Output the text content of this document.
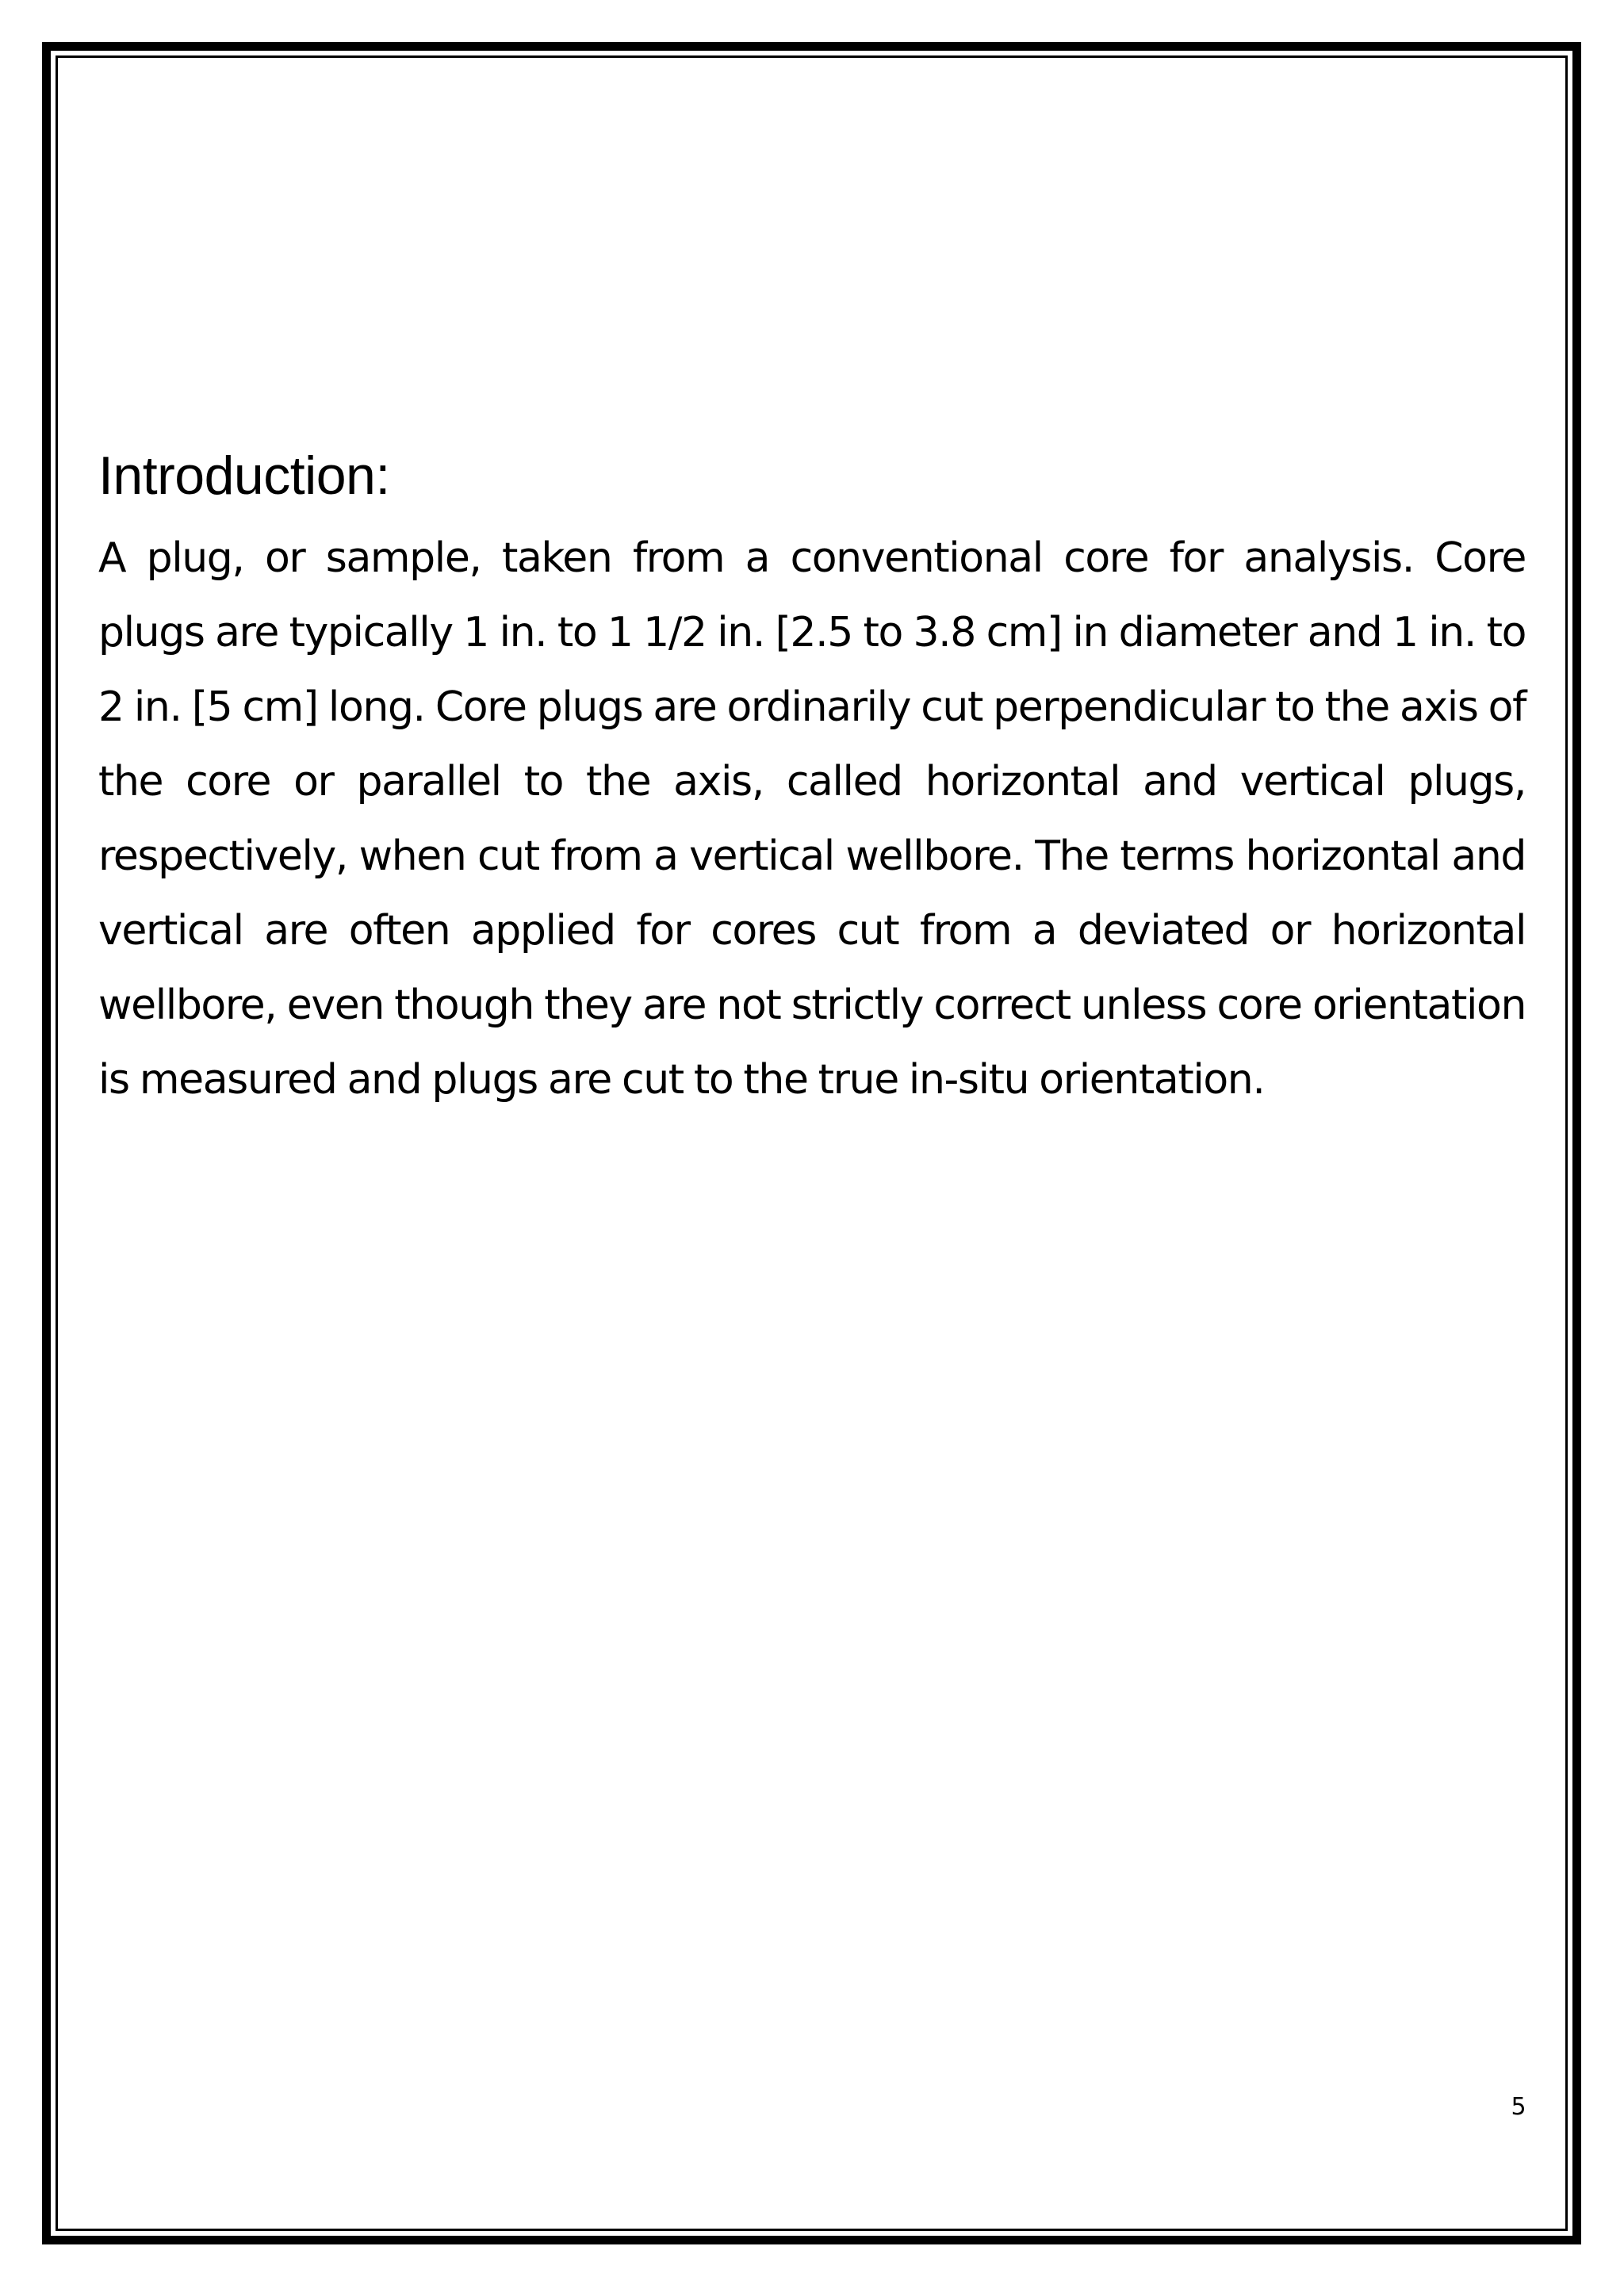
Introduction:

A plug, or sample, taken from a conventional core for analysis. Core plugs are typically 1 in. to 1 1/2 in. [2.5 to 3.8 cm] in diameter and 1 in. to 2 in. [5 cm] long. Core plugs are ordinarily cut perpendicular to the axis of the core or parallel to the axis, called horizontal and vertical plugs, respectively, when cut from a vertical wellbore. The terms horizontal and vertical are often applied for cores cut from a deviated or horizontal wellbore, even though they are not strictly correct unless core orientation is measured and plugs are cut to the true in-situ orientation.

5
